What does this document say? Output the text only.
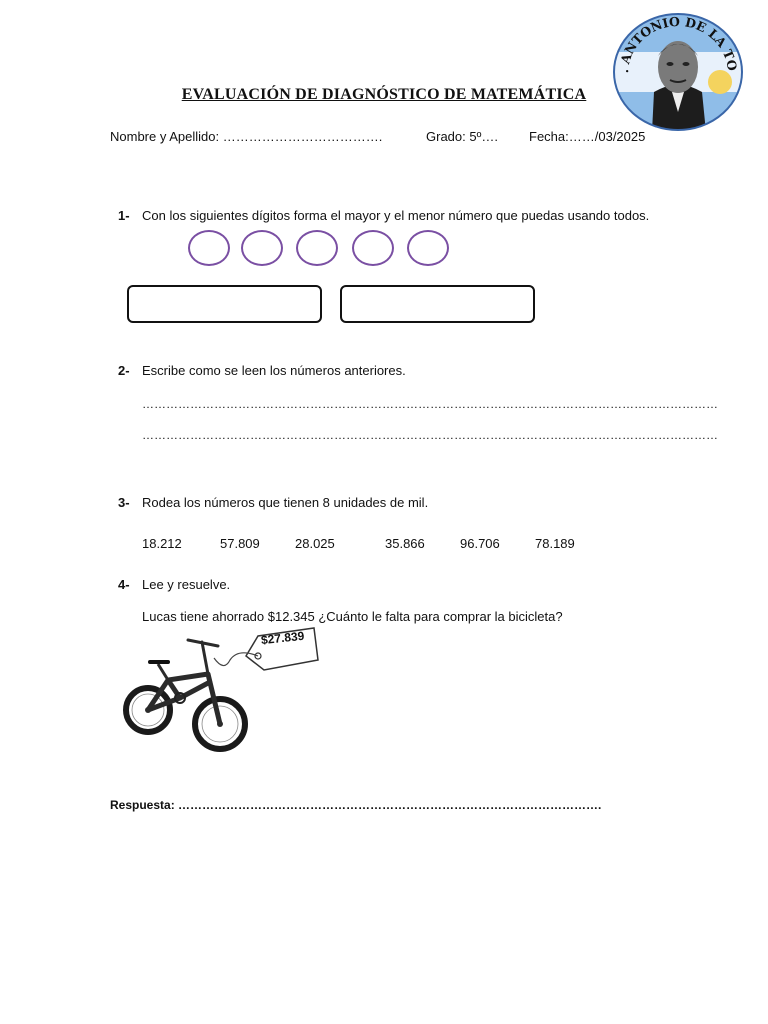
. ANTONIO DE LA TO
EVALUACIÓN DE DIAGNÓSTICO DE MATEMÁTICA
Nombre y Apellido: ……………………………….	Grado: 5º…. Fecha:……/03/2025
1- Con los siguientes dígitos forma el mayor y el menor número que puedas usando todos.
2- Escribe como se leen los números anteriores.
………………………………………………………………………………………………………………………………
………………………………………………………………………………………………………………………………
3- Rodea los números que tienen 8 unidades de mil.
18.212	57.809	28.025	35.866	96.706	78.189
4- Lee y resuelve.
Lucas tiene ahorrado $12.345 ¿Cuánto le falta para comprar la bicicleta?
$27.839
Respuesta: …………………………………………………………………………………………….
